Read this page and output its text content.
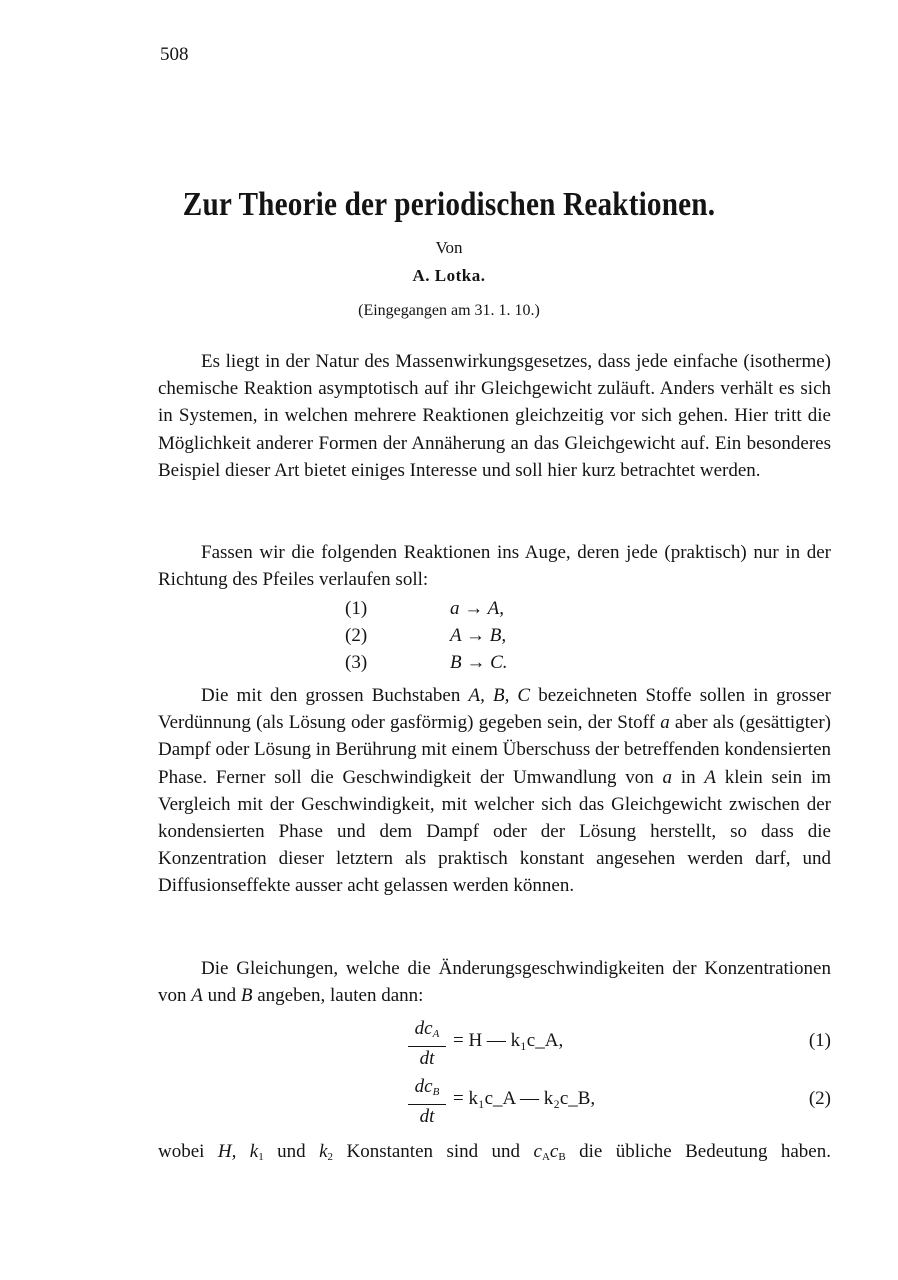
508
Zur Theorie der periodischen Reaktionen.
Von
A. Lotka.
(Eingegangen am 31. 1. 10.)

Es liegt in der Natur des Massenwirkungsgesetzes, dass jede einfache (isotherme) chemische Reaktion asymptotisch auf ihr Gleichgewicht zuläuft. Anders verhält es sich in Systemen, in welchen mehrere Reaktionen gleichzeitig vor sich gehen. Hier tritt die Möglichkeit anderer Formen der Annäherung an das Gleichgewicht auf. Ein besonderes Beispiel dieser Art bietet einiges Interesse und soll hier kurz betrachtet werden.

Fassen wir die folgenden Reaktionen ins Auge, deren jede (praktisch) nur in der Richtung des Pfeiles verlaufen soll:

(1)	a → A,
(2)	A → B,
(3)	B → C.

Die mit den grossen Buchstaben A, B, C bezeichneten Stoffe sollen in grosser Verdünnung (als Lösung oder gasförmig) gegeben sein, der Stoff a aber als (gesättigter) Dampf oder Lösung in Berührung mit einem Überschuss der betreffenden kondensierten Phase. Ferner soll die Geschwindigkeit der Umwandlung von a in A klein sein im Vergleich mit der Geschwindigkeit, mit welcher sich das Gleichgewicht zwischen der kondensierten Phase und dem Dampf oder der Lösung herstellt, so dass die Konzentration dieser letztern als praktisch konstant angesehen werden darf, und Diffusionseffekte ausser acht gelassen werden können.

Die Gleichungen, welche die Änderungsgeschwindigkeiten der Konzentrationen von A und B angeben, lauten dann:

$dc_A$
dt
= H — k₁c_A,	(1)
$dc_B$
dt
= k₁c_A — k₂c_B,	(2)

wobei H, $k_1$ und $k_2$ Konstanten sind und $c_Ac_B$ die übliche Bedeutung haben.
